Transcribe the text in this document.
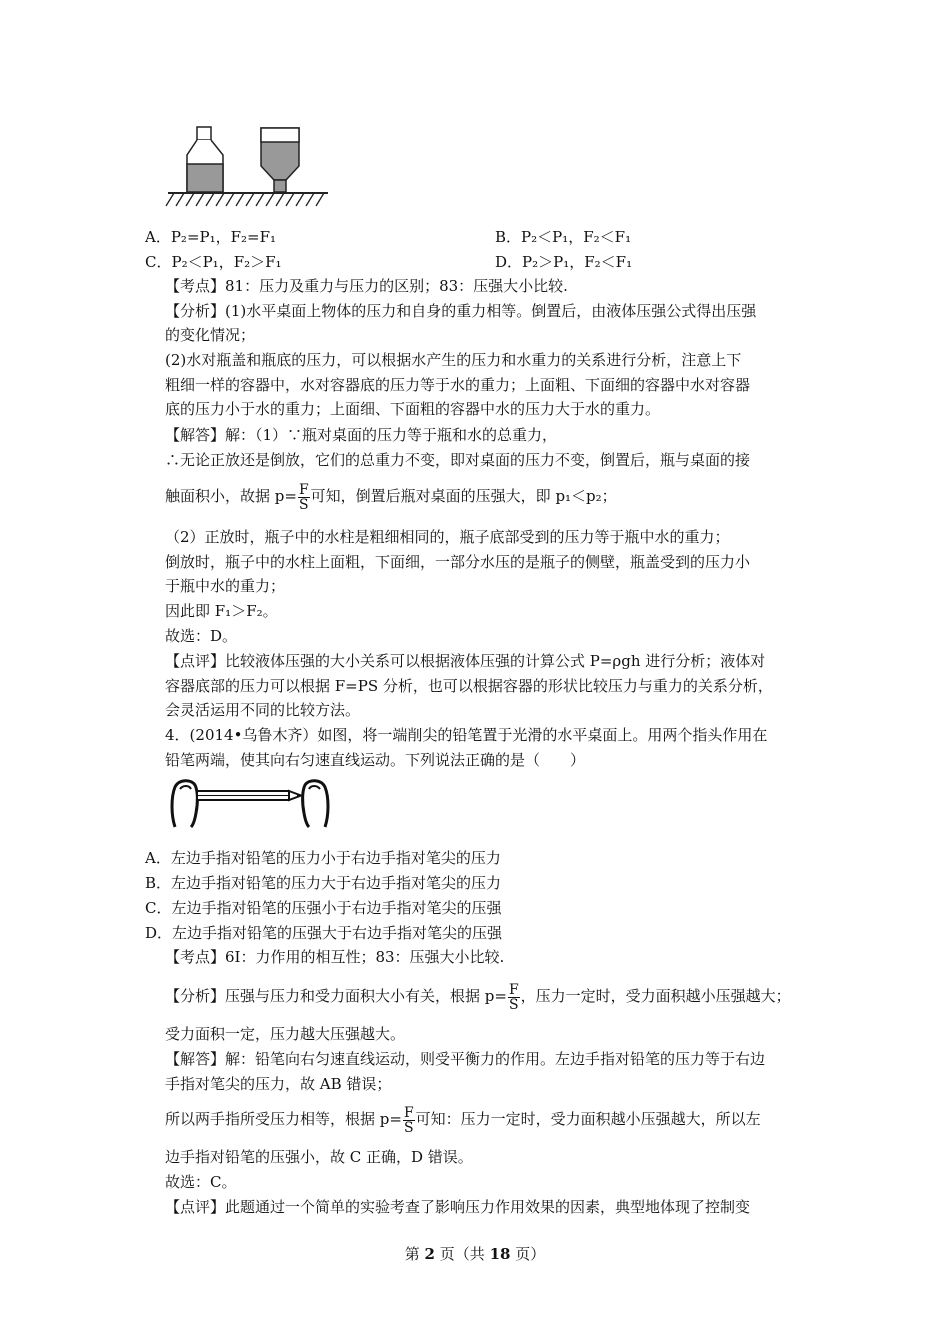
A．P₂=P₁，F₂=F₁	B．P₂＜P₁，F₂＜F₁
C．P₂＜P₁，F₂＞F₁	D．P₂＞P₁，F₂＜F₁
【考点】81：压力及重力与压力的区别；83：压强大小比较.
【分析】(1)水平桌面上物体的压力和自身的重力相等。倒置后，由液体压强公式得出压强
的变化情况；
(2)水对瓶盖和瓶底的压力，可以根据水产生的压力和水重力的关系进行分析，注意上下
粗细一样的容器中，水对容器底的压力等于水的重力；上面粗、下面细的容器中水对容器
底的压力小于水的重力；上面细、下面粗的容器中水的压力大于水的重力。
【解答】解：（1）∵瓶对桌面的压力等于瓶和水的总重力，
∴无论正放还是倒放，它们的总重力不变，即对桌面的压力不变，倒置后，瓶与桌面的接
触面积小，故据 $p= \frac{F}{S}$ 可知，倒置后瓶对桌面的压强大，即 p₁＜p₂；
（2）正放时，瓶子中的水柱是粗细相同的，瓶子底部受到的压力等于瓶中水的重力；
倒放时，瓶子中的水柱上面粗，下面细，一部分水压的是瓶子的侧壁，瓶盖受到的压力小
于瓶中水的重力；
因此即 F₁＞F₂。
故选：D。
【点评】比较液体压强的大小关系可以根据液体压强的计算公式 P=ρgh 进行分析；液体对
容器底部的压力可以根据 F=PS 分析，也可以根据容器的形状比较压力与重力的关系分析，
会灵活运用不同的比较方法。
4．(2014•乌鲁木齐）如图，将一端削尖的铅笔置于光滑的水平桌面上。用两个指头作用在
铅笔两端，使其向右匀速直线运动。下列说法正确的是（　　）
A．左边手指对铅笔的压力小于右边手指对笔尖的压力
B．左边手指对铅笔的压力大于右边手指对笔尖的压力
C．左边手指对铅笔的压强小于右边手指对笔尖的压强
D．左边手指对铅笔的压强大于右边手指对笔尖的压强
【考点】6I：力作用的相互性；83：压强大小比较.
【分析】压强与压力和受力面积大小有关，根据 $p= \frac{F}{S}$ ，压力一定时，受力面积越小压强越大；
受力面积一定，压力越大压强越大。
【解答】解：铅笔向右匀速直线运动，则受平衡力的作用。左边手指对铅笔的压力等于右边
手指对笔尖的压力，故 AB 错误；
所以两手指所受压力相等，根据 $p= \frac{F}{S}$ 可知：压力一定时，受力面积越小压强越大，所以左
边手指对铅笔的压强小，故 C 正确，D 错误。
故选：C。
【点评】此题通过一个简单的实验考查了影响压力作用效果的因素，典型地体现了控制变
第 2 页（共 18 页）
